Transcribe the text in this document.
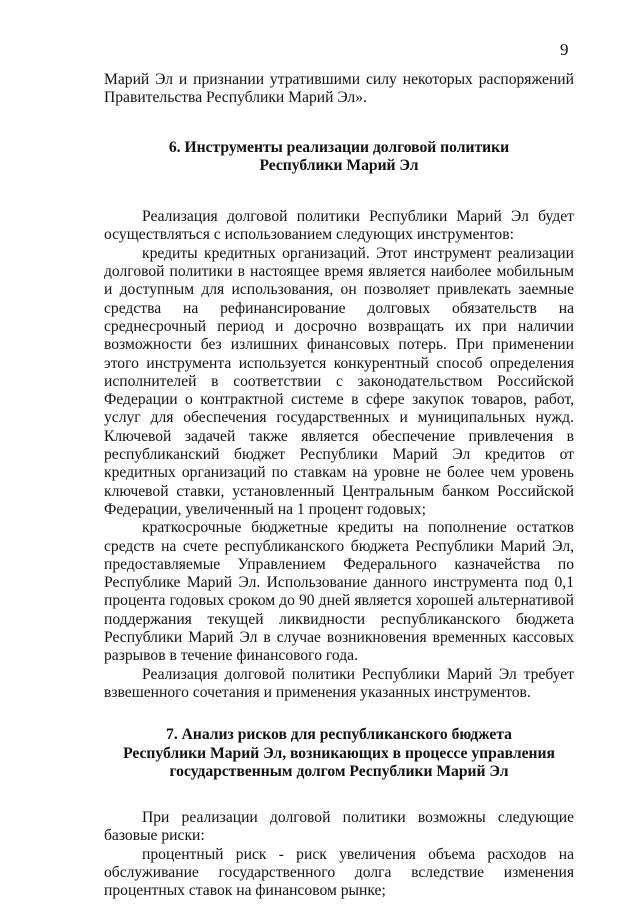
9

Марий Эл и признании утратившими силу некоторых распоряжений Правительства Республики Марий Эл».

6. Инструменты реализации долговой политики
Республики Марий Эл

Реализация долговой политики Республики Марий Эл будет осуществляться с использованием следующих инструментов:

кредиты кредитных организаций. Этот инструмент реализации долговой политики в настоящее время является наиболее мобильным и доступным для использования, он позволяет привлекать заемные средства на рефинансирование долговых обязательств на среднесрочный период и досрочно возвращать их при наличии возможности без излишних финансовых потерь. При применении этого инструмента используется конкурентный способ определения исполнителей в соответствии с законодательством Российской Федерации о контрактной системе в сфере закупок товаров, работ, услуг для обеспечения государственных и муниципальных нужд. Ключевой задачей также является обеспечение привлечения в республиканский бюджет Республики Марий Эл кредитов от кредитных организаций по ставкам на уровне не более чем уровень ключевой ставки, установленный Центральным банком Российской Федерации, увеличенный на 1 процент годовых;

краткосрочные бюджетные кредиты на пополнение остатков средств на счете республиканского бюджета Республики Марий Эл, предоставляемые Управлением Федерального казначейства по Республике Марий Эл. Использование данного инструмента под 0,1 процента годовых сроком до 90 дней является хорошей альтернативой поддержания текущей ликвидности республиканского бюджета Республики Марий Эл в случае возникновения временных кассовых разрывов в течение финансового года.

Реализация долговой политики Республики Марий Эл требует взвешенного сочетания и применения указанных инструментов.

7. Анализ рисков для республиканского бюджета
Республики Марий Эл, возникающих в процессе управления
государственным долгом Республики Марий Эл

При реализации долговой политики возможны следующие базовые риски:

процентный риск - риск увеличения объема расходов на обслуживание государственного долга вследствие изменения процентных ставок на финансовом рынке;
